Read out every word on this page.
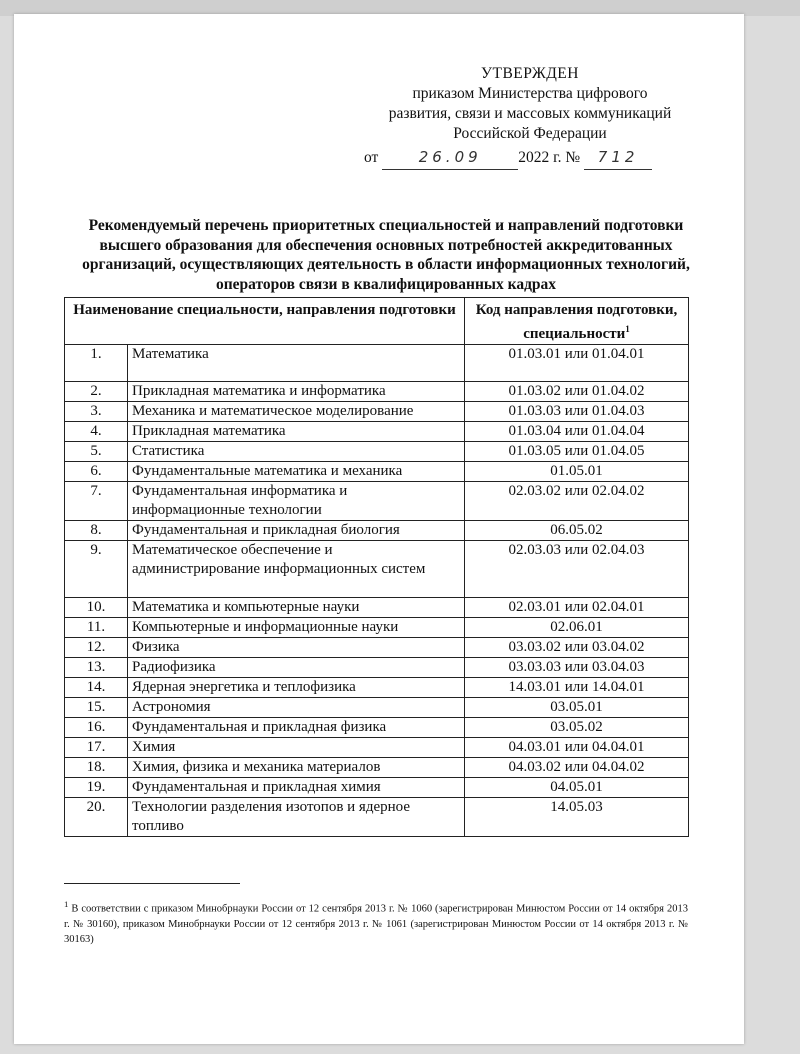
УТВЕРЖДЕН
приказом Министерства цифрового
развития, связи и массовых коммуникаций
Российской Федерации
от	26.09 2022 г. № 712
Рекомендуемый перечень приоритетных специальностей и направлений подготовки высшего образования для обеспечения основных потребностей аккредитованных организаций, осуществляющих деятельность в области информационных технологий, операторов связи в квалифицированных кадрах
Наименование специальности, направления подготовки		Код направления подготовки, специальности$^1$
1.	Математика	01.03.01 или 01.04.01
2.	Прикладная математика и информатика	01.03.02 или 01.04.02
3.	Механика и математическое моделирование	01.03.03 или 01.04.03
4.	Прикладная математика	01.03.04 или 01.04.04
5.	Статистика	01.03.05 или 01.04.05
6.	Фундаментальные математика и механика	01.05.01
7.	Фундаментальная информатика и информационные технологии	02.03.02 или 02.04.02
8.	Фундаментальная и прикладная биология	06.05.02
9.	Математическое обеспечение и администрирование информационных систем	02.03.03 или 02.04.03
10.	Математика и компьютерные науки	02.03.01 или 02.04.01
11.	Компьютерные и информационные науки	02.06.01
12.	Физика	03.03.02 или 03.04.02
13.	Радиофизика	03.03.03 или 03.04.03
14.	Ядерная энергетика и теплофизика	14.03.01 или 14.04.01
15.	Астрономия	03.05.01
16.	Фундаментальная и прикладная физика	03.05.02
17.	Химия	04.03.01 или 04.04.01
18.	Химия, физика и механика материалов	04.03.02 или 04.04.02
19.	Фундаментальная и прикладная химия	04.05.01
20.	Технологии разделения изотопов и ядерное топливо	14.05.03
$^1$ В соответствии с приказом Минобрнауки России от 12 сентября 2013 г. № 1060 (зарегистрирован Минюстом России от 14 октября 2013 г. № 30160), приказом Минобрнауки России от 12 сентября 2013 г. № 1061 (зарегистрирован Минюстом России от 14 октября 2013 г. № 30163)
